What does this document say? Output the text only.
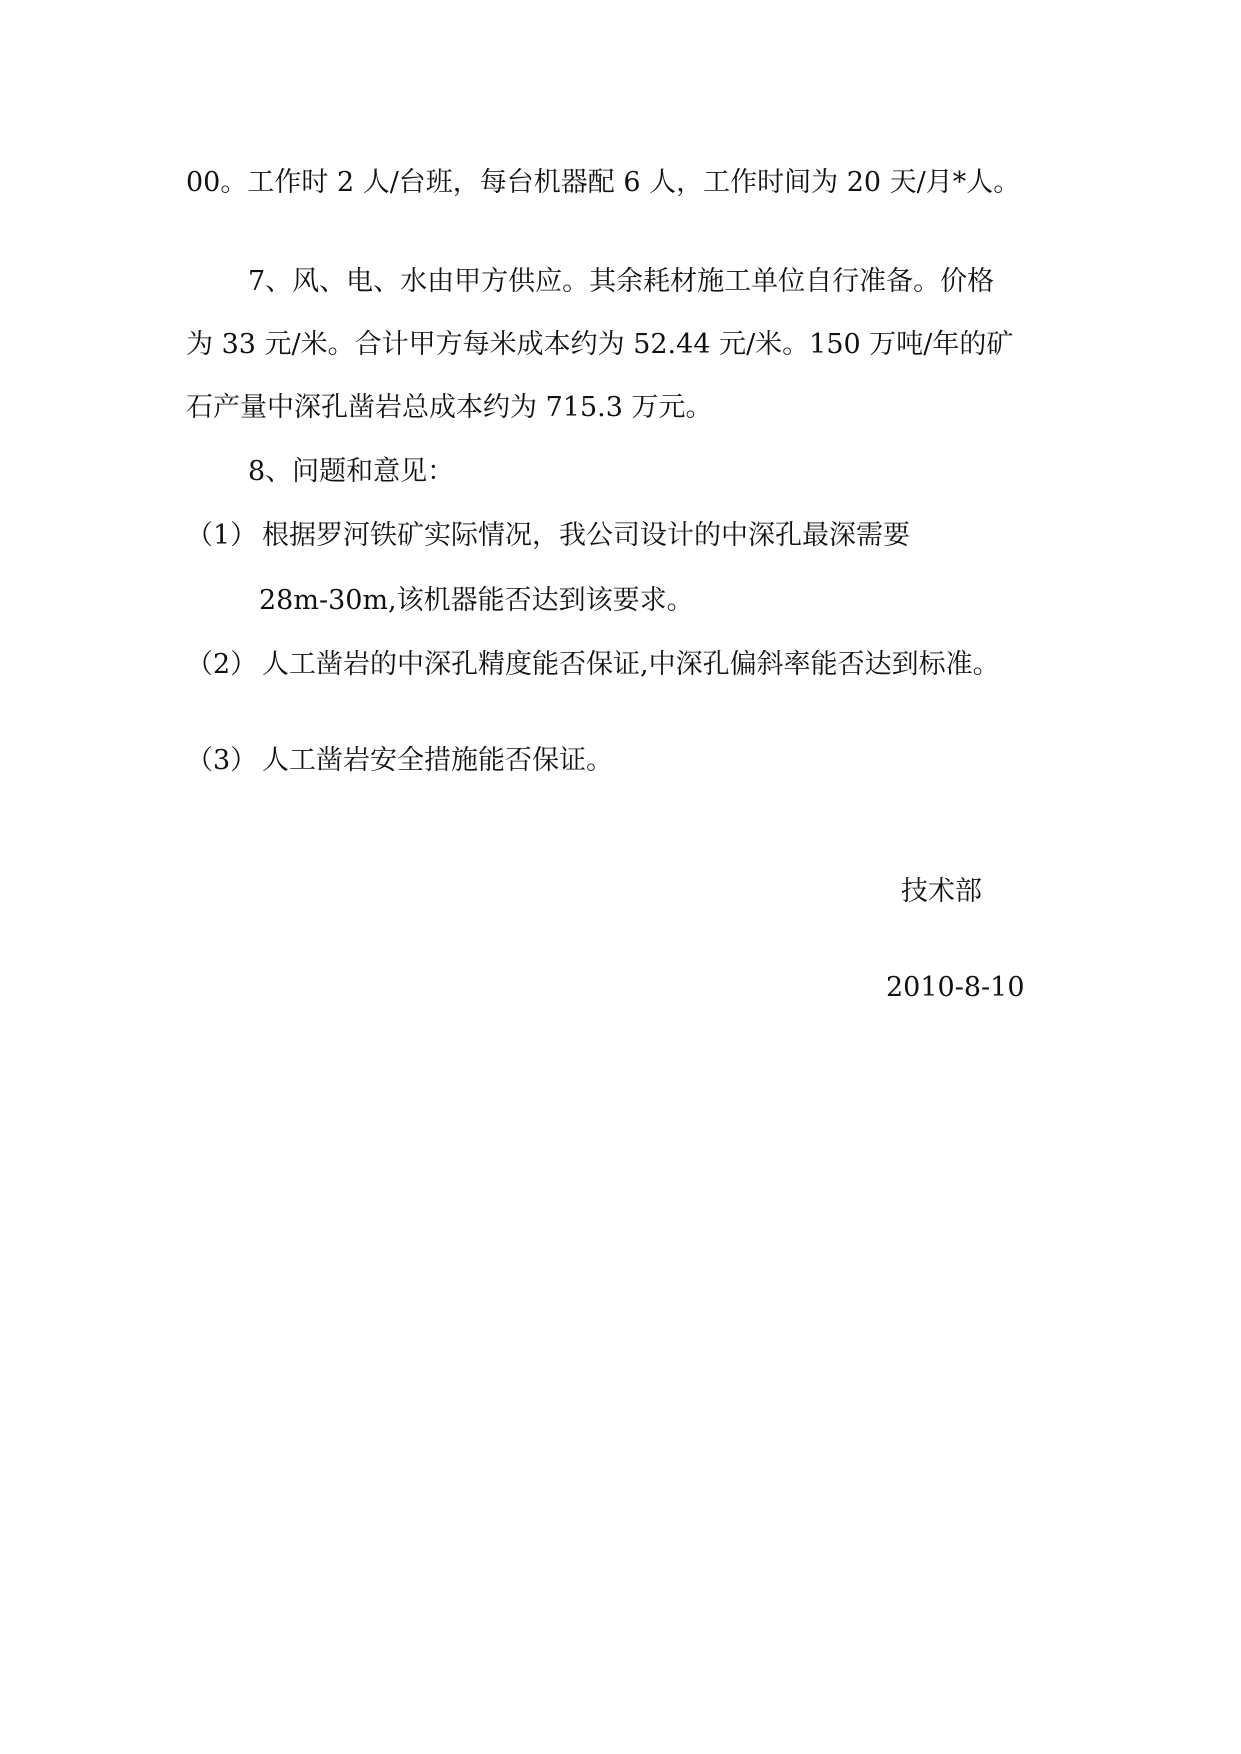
00。工作时 2 人/台班，每台机器配 6 人，工作时间为 20 天/月*人。
7、风、电、水由甲方供应。其余耗材施工单位自行准备。价格
为 33 元/米。合计甲方每米成本约为 52.44 元/米。150 万吨/年的矿
石产量中深孔凿岩总成本约为 715.3 万元。
8、问题和意见：
（1） 根据罗河铁矿实际情况，我公司设计的中深孔最深需要
28m-30m,该机器能否达到该要求。
（2） 人工凿岩的中深孔精度能否保证,中深孔偏斜率能否达到标准。
（3） 人工凿岩安全措施能否保证。
技术部
2010-8-10
